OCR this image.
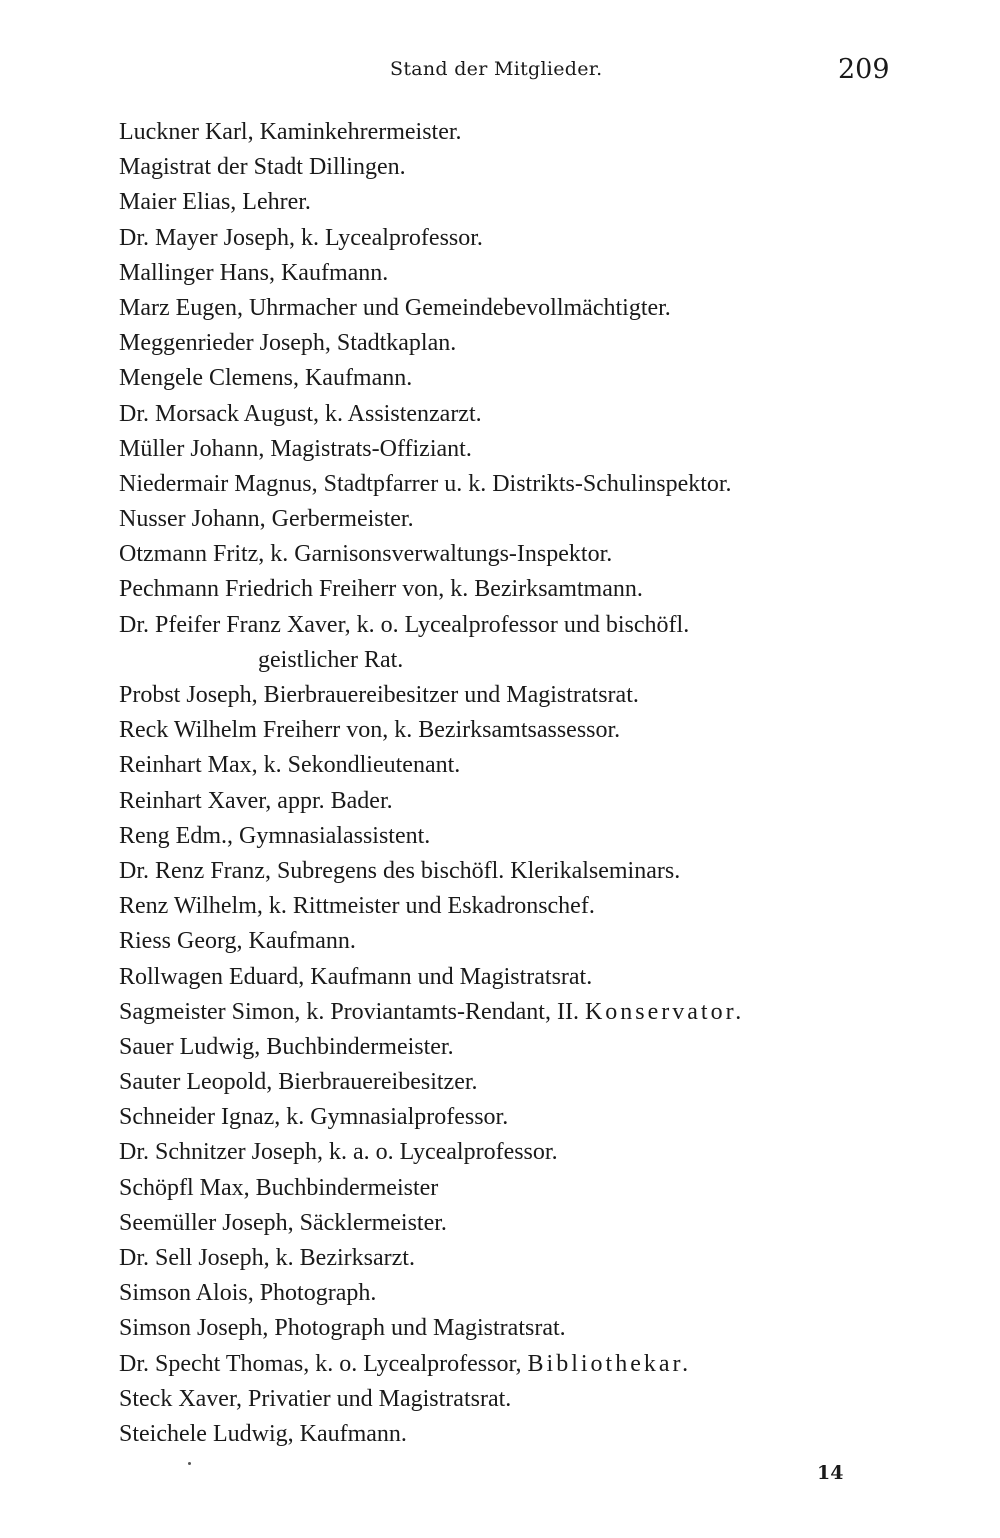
Stand der Mitglieder.	209
Luckner Karl, Kaminkehrermeister.
Magistrat der Stadt Dillingen.
Maier Elias, Lehrer.
Dr. Mayer Joseph, k. Lycealprofessor.
Mallinger Hans, Kaufmann.
Marz Eugen, Uhrmacher und Gemeindebevollmächtigter.
Meggenrieder Joseph, Stadtkaplan.
Mengele Clemens, Kaufmann.
Dr. Morsack August, k. Assistenzarzt.
Müller Johann, Magistrats-Offiziant.
Niedermair Magnus, Stadtpfarrer u. k. Distrikts-Schulinspektor.
Nusser Johann, Gerbermeister.
Otzmann Fritz, k. Garnisonsverwaltungs-Inspektor.
Pechmann Friedrich Freiherr von, k. Bezirksamtmann.
Dr. Pfeifer Franz Xaver, k. o. Lycealprofessor und bischöfl.
geistlicher Rat.
Probst Joseph, Bierbrauereibesitzer und Magistratsrat.
Reck Wilhelm Freiherr von, k. Bezirksamtsassessor.
Reinhart Max, k. Sekondlieutenant.
Reinhart Xaver, appr. Bader.
Reng Edm., Gymnasialassistent.
Dr. Renz Franz, Subregens des bischöfl. Klerikalseminars.
Renz Wilhelm, k. Rittmeister und Eskadronschef.
Riess Georg, Kaufmann.
Rollwagen Eduard, Kaufmann und Magistratsrat.
Sagmeister Simon, k. Proviantamts-Rendant, II. Konservator.
Sauer Ludwig, Buchbindermeister.
Sauter Leopold, Bierbrauereibesitzer.
Schneider Ignaz, k. Gymnasialprofessor.
Dr. Schnitzer Joseph, k. a. o. Lycealprofessor.
Schöpfl Max, Buchbindermeister
Seemüller Joseph, Säcklermeister.
Dr. Sell Joseph, k. Bezirksarzt.
Simson Alois, Photograph.
Simson Joseph, Photograph und Magistratsrat.
Dr. Specht Thomas, k. o. Lycealprofessor, Bibliothekar.
Steck Xaver, Privatier und Magistratsrat.
Steichele Ludwig, Kaufmann.
14
